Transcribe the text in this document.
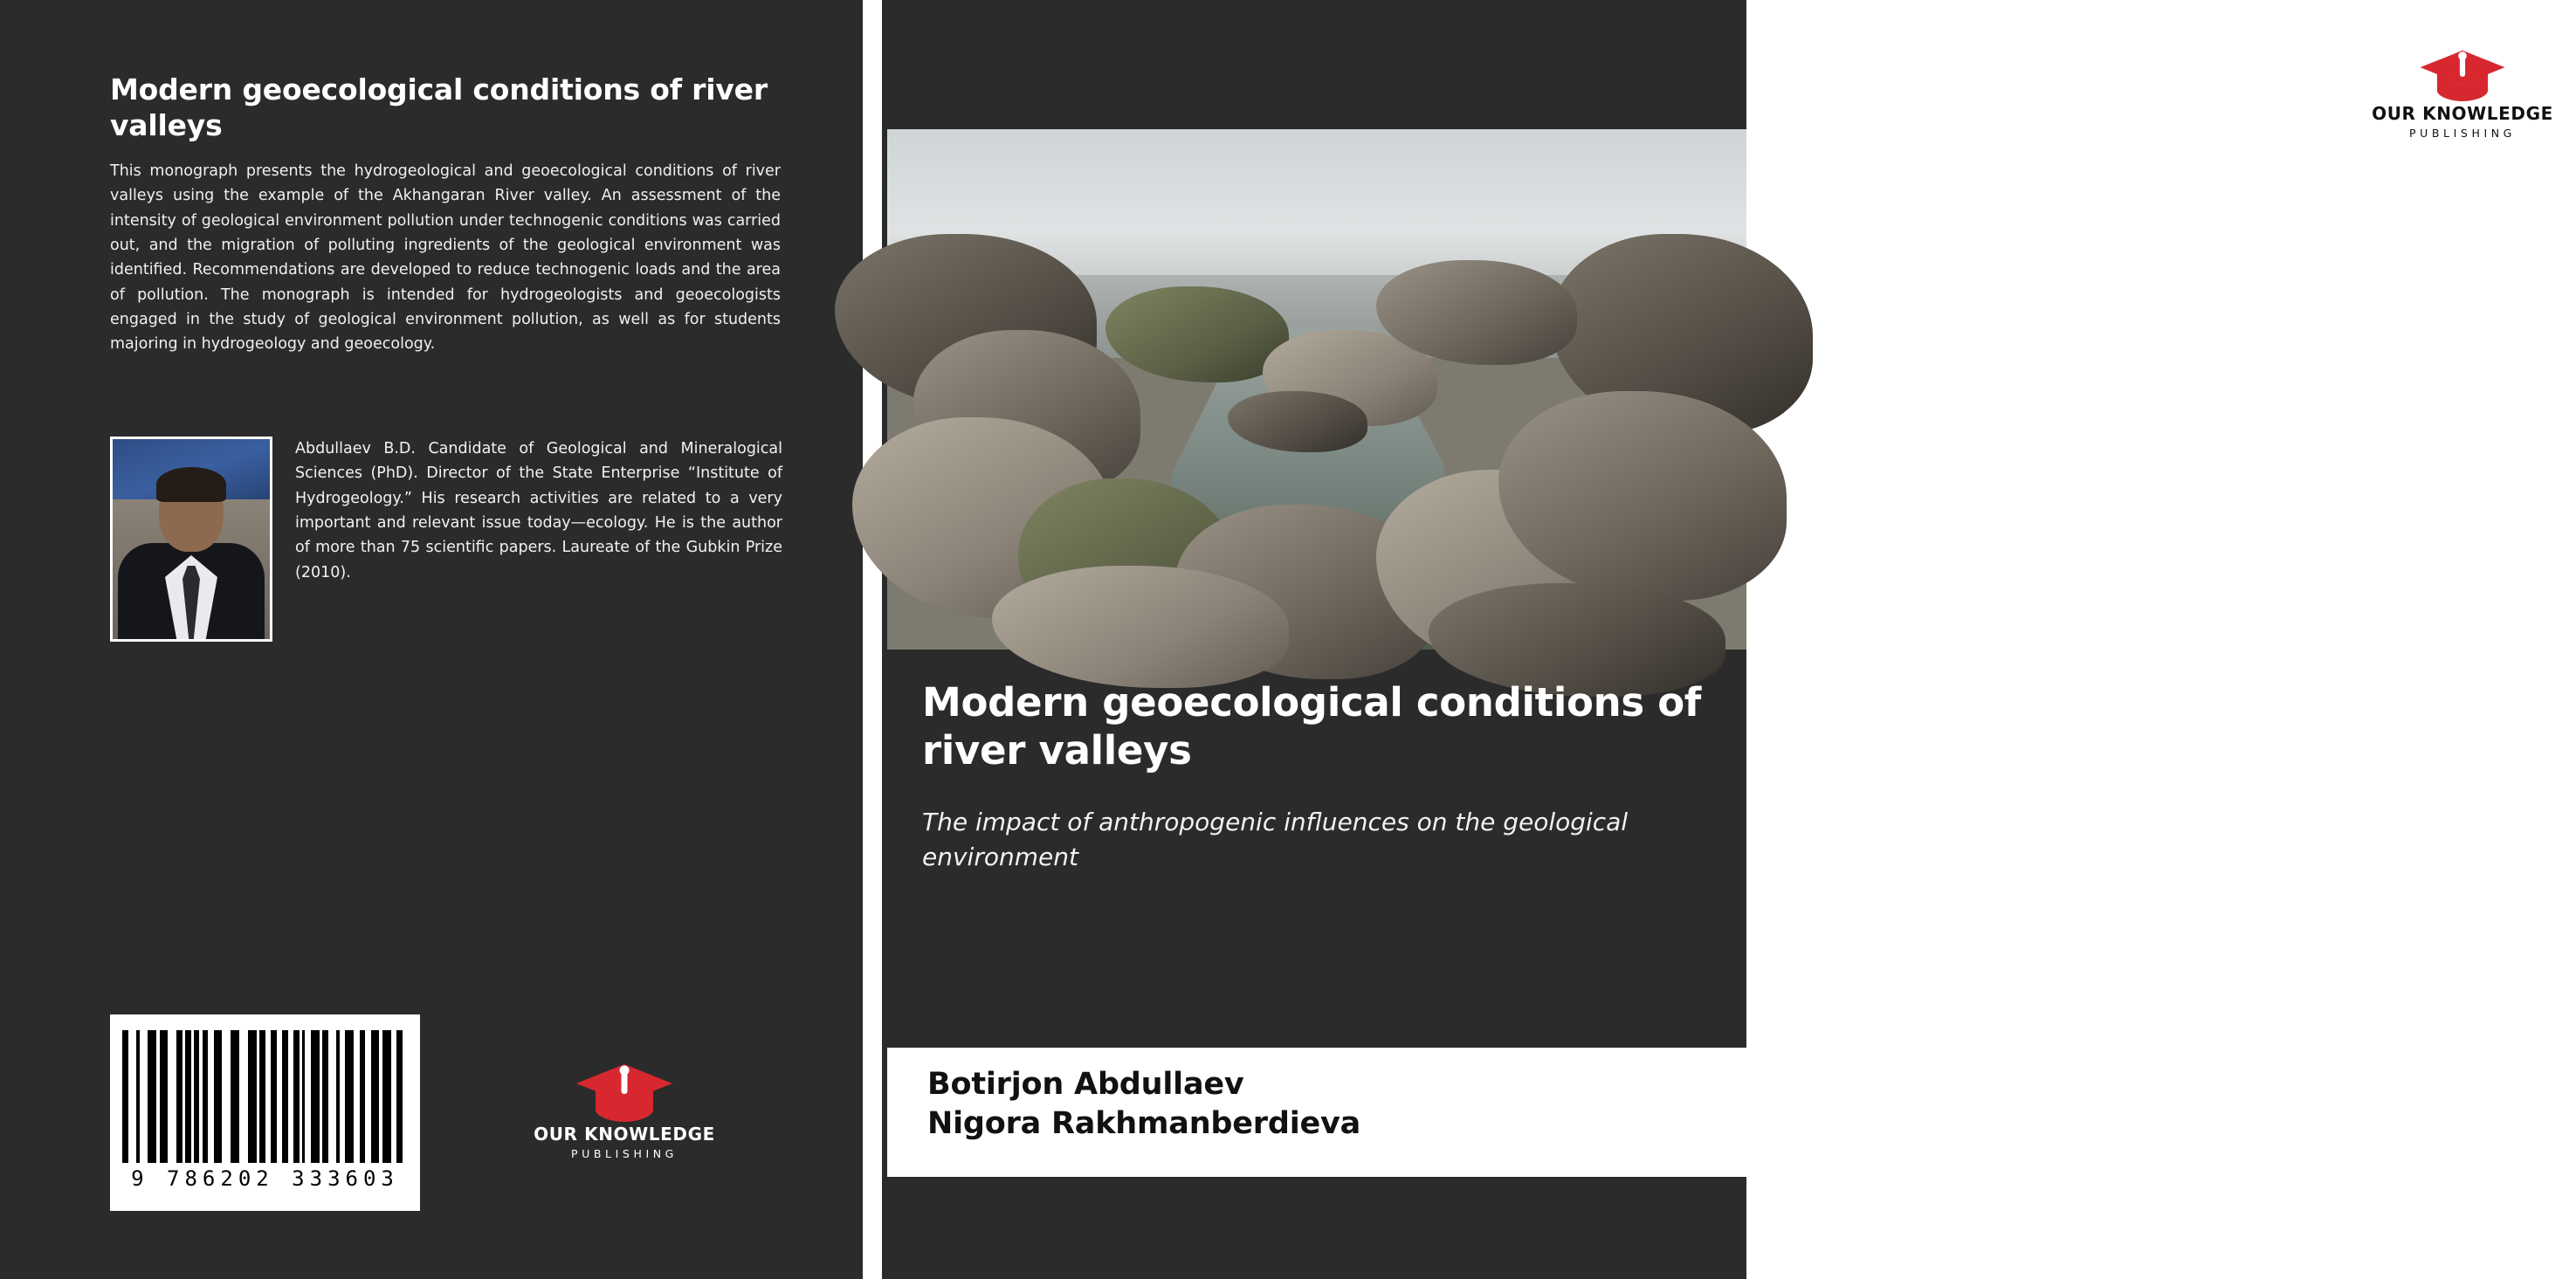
Modern geoecological conditions of river valleys
This monograph presents the hydrogeological and geoecological conditions of river valleys using the example of the Akhangaran River valley. An assessment of the intensity of geological environment pollution under technogenic conditions was carried out, and the migration of polluting ingredients of the geological environment was identified. Recommendations are developed to reduce technogenic loads and the area of pollution. The monograph is intended for hydrogeologists and geoecologists engaged in the study of geological environment pollution, as well as for students majoring in hydrogeology and geoecology.
Abdullaev B.D. Candidate of Geological and Mineralogical Sciences (PhD). Director of the State Enterprise “Institute of Hydrogeology.” His research activities are related to a very important and relevant issue today—ecology. He is the author of more than 75 scientific papers. Laureate of the Gubkin Prize (2010).
9 786202 333603
OUR KNOWLEDGE PUBLISHING
OUR KNOWLEDGE PUBLISHING
Modern geoecological conditions of river valleys
The impact of anthropogenic influences on the geological environment
Botirjon Abdullaev
Nigora Rakhmanberdieva
